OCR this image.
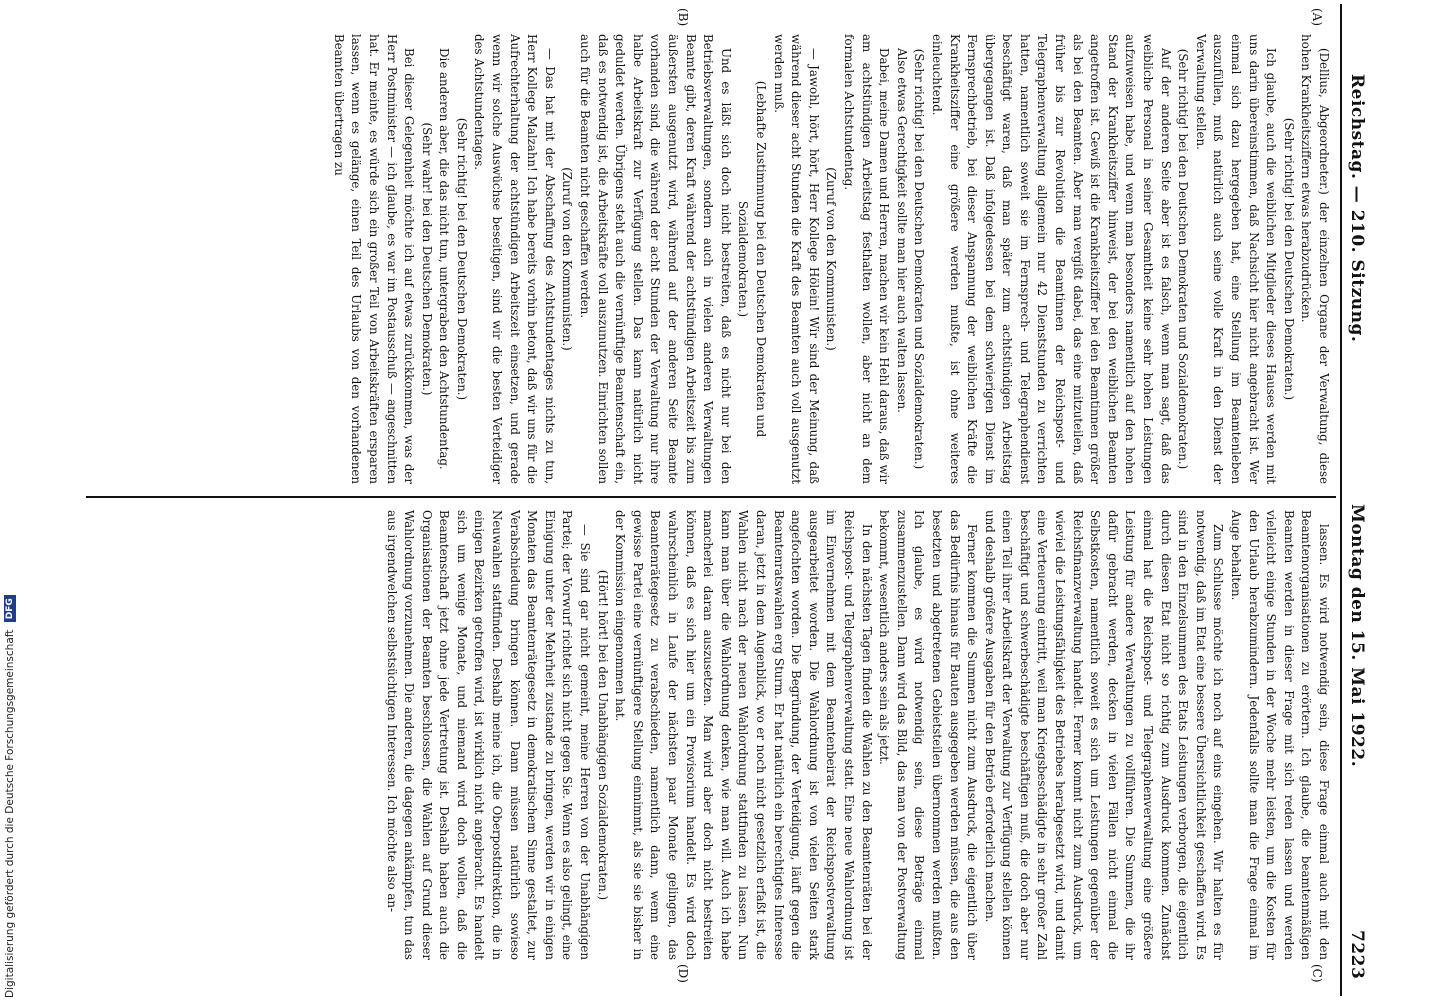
Reichstag. — 210. Sitzung.
Montag den 15. Mai 1922.
7223
(A)
(B)
(C)
(D)

(Dellius, Abgeordneter.) der einzelnen Organe der Verwaltung, diese hohen Krankheitsziffern etwas herabzudrücken.

(Sehr richtig! bei den Deutschen Demokraten.)

Ich glaube, auch die weiblichen Mitglieder dieses Hauses werden mit uns darin übereinstimmen, daß Nachsicht hier nicht angebracht ist. Wer einmal sich dazu hergegeben hat, eine Stellung im Beamtenleben auszufüllen, muß natürlich auch seine volle Kraft in den Dienst der Verwaltung stellen.

(Sehr richtig! bei den Deutschen Demokraten und Sozialdemokraten.)

Auf der anderen Seite aber ist es falsch, wenn man sagt, daß das weibliche Personal in seiner Gesamtheit keine sehr hohen Leistungen aufzuweisen habe, und wenn man besonders namentlich auf den hohen Stand der Krankheitsziffer hinweist, der bei den weiblichen Beamten angetroffen ist. Gewiß ist die Krankheitsziffer bei den Beamtinnen größer als bei den Beamten. Aber man vergißt dabei, das eine mitzuteilen, daß früher bis zur Revolution die Beamtinnen der Reichspost- und Telegraphenverwaltung allgemein nur 42 Dienststunden zu verrichten hatten, namentlich soweit sie im Fernsprech- und Telegraphendienst beschäftigt waren, daß man später zum achtstündigen Arbeitstag übergegangen ist. Daß infolgedessen bei dem schwierigen Dienst im Fernsprechbetrieb, bei dieser Anspannung der weiblichen Kräfte die Krankheitsziffer eine größere werden mußte, ist ohne weiteres einleuchtend.

(Sehr richtig! bei den Deutschen Demokraten und Sozialdemokraten.)

Also etwas Gerechtigkeit sollte man hier auch walten lassen.

Dabei, meine Damen und Herren, machen wir kein Hehl daraus, daß wir am achtstündigen Arbeitstag festhalten wollen, aber nicht an dem formalen Achtstundentag.

(Zuruf von den Kommunisten.)

— Jawohl, hört, hört, Herr Kollege Hölein! Wir sind der Meinung, daß während dieser acht Stunden die Kraft des Beamten auch voll ausgenutzt werden muß.

(Lebhafte Zustimmung bei den Deutschen Demokraten und Sozialdemokraten.)

Und es läßt sich doch nicht bestreiten, daß es nicht nur bei den Betriebsverwaltungen, sondern auch in vielen anderen Verwaltungen Beamte gibt, deren Kraft während der achtstündigen Arbeitszeit bis zum äußersten ausgenutzt wird, während auf der anderen Seite Beamte vorhanden sind, die während der acht Stunden der Verwaltung nur ihre halbe Arbeitskraft zur Verfügung stellen. Das kann natürlich nicht geduldet werden. Übrigens steht auch die vernünftige Beamtenschaft ein, daß es notwendig ist, die Arbeitskräfte voll auszunutzen. Einrichten sollen auch für die Beamten nicht geschaffen werden.

(Zuruf von den Kommunisten.)

— Das hat mit der Abschaffung des Achtstundentages nichts zu tun, Herr Kollege Malzahn! Ich habe bereits vorhin betont, daß wir uns für die Aufrechterhaltung der achtstündigen Arbeitszeit einsetzen, und gerade wenn wir solche Auswüchse beseitigen, sind wir die besten Verteidiger des Achtstundentages.

(Sehr richtig! bei den Deutschen Demokraten.)

Die anderen aber, die das nicht tun, untergraben den Achtstundentag.

(Sehr wahr! bei den Deutschen Demokraten.)

Bei dieser Gelegenheit möchte ich auf etwas zurückkommen, was der Herr Postminister — ich glaube, es war im Postausschuß — angeschnitten hat. Er meinte, es würde sich ein großer Teil von Arbeitskräften ersparen lassen, wenn es gelänge, einen Teil des Urlaubs von den vorhandenen Beamten übertragen zu

lassen. Es wird notwendig sein, diese Frage einmal auch mit den Beamtenorganisationen zu erörtern. Ich glaube, die beamtenmäßigen Beamten werden in dieser Frage mit sich reden lassen und werden vielleicht einige Stunden in der Woche mehr leisten, um die Kosten für den Urlaub herabzumindern. Jedenfalls sollte man die Frage einmal im Auge behalten.

Zum Schlusse möchte ich noch auf eins eingehen. Wir halten es für notwendig, daß im Etat eine bessere Übersichtlichkeit geschaffen wird. Es sind in den Einzelsummen des Etats Leistungen verborgen, die eigentlich durch diesen Etat nicht so richtig zum Ausdruck kommen. Zunächst einmal hat die Reichspost- und Telegraphenverwaltung eine größere Leistung für andere Verwaltungen zu vollführen. Die Summen, die ihr dafür gebracht werden, decken in vielen Fällen nicht einmal die Selbstkosten, namentlich soweit es sich um Leistungen gegenüber der Reichsfinanzverwaltung handelt. Ferner kommt nicht zum Ausdruck, um wieviel die Leistungsfähigkeit des Betriebes herabgesetzt wird, und damit eine Verteuerung eintritt, weil man Kriegsbeschädigte in sehr großer Zahl beschäftigt und schwerbeschädigte beschäftigen muß, die doch aber nur einen Teil ihrer Arbeitskraft der Verwaltung zur Verfügung stellen können und deshalb größere Ausgaben für den Betrieb erforderlich machen.

Ferner kommen die Summen nicht zum Ausdruck, die eigentlich über das Bedürfnis hinaus für Bauten ausgegeben werden müssen, die aus den besetzten und abgetretenen Gebietsteilen übernommen werden mußten. Ich glaube, es wird notwendig sein, diese Beträge einmal zusammenzustellen. Dann wird das Bild, das man von der Postverwaltung bekommt, wesentlich anders sein als jetzt.

In den nächsten Tagen finden die Wahlen zu den Beamtenräten bei der Reichspost- und Telegraphenverwaltung statt. Eine neue Wahlordnung ist im Einvernehmen mit dem Beamtenbeirat der Reichspostverwaltung ausgearbeitet worden. Die Wahlordnung ist von vielen Seiten stark angefochten worden. Die Begründung, der Verteidigung, läuft gegen die Beamtenratswahlen erg Sturm. Er hat natürlich ein berechtigtes Interesse daran, jetzt in dem Augenblick, wo er noch nicht gesetzlich erfaßt ist, die Wahlen nicht nach der neuen Wahlordnung stattfinden zu lassen. Nun kann man über die Wahlordnung denken, wie man will. Auch ich habe mancherlei daran auszusetzen. Man wird aber doch nicht bestreiten können, daß es sich hier um ein Provisorium handelt. Es wird doch wahrscheinlich in Laufe der nächsten paar Monate gelingen, das Beamtenrätegesetz zu verabschieden, namentlich dann, wenn eine gewisse Partei eine vernünftigere Stellung einnimmt, als sie sie bisher in der Kommission eingenommen hat.

(Hört! hört! bei den Unabhängigen Sozialdemokraten.)

— Sie sind gar nicht gemeint, meine Herren von der Unabhängigen Partei; der Vorwurf richtet sich nicht gegen Sie. Wenn es also gelingt, eine Einigung unter der Mehrheit zustande zu bringen, werden wir in einigen Monaten das Beamtenrätegesetz in demokratischem Sinne gestaltet, zur Verabschiedung bringen können. Dann müssen natürlich sowieso Neuwahlen stattfinden. Deshalb meine ich, die Oberpostdirektion, die in einigen Bezirken getroffen wird, ist wirklich nicht angebracht. Es handelt sich um wenige Monate, und niemand wird doch wollen, daß die Beamtenschaft jetzt ohne jede Vertretung ist. Deshalb haben auch die Organisationen der Beamten beschlossen, die Wahlen auf Grund dieser Wahlordnung vorzunehmen. Die anderen, die dagegen ankämpfen, tun das aus irgendwelchen selbstsüchtigen Interessen. Ich möchte also an-

Digitalisierung gefördert durch die Deutsche Forschungsgemeinschaft DFG
